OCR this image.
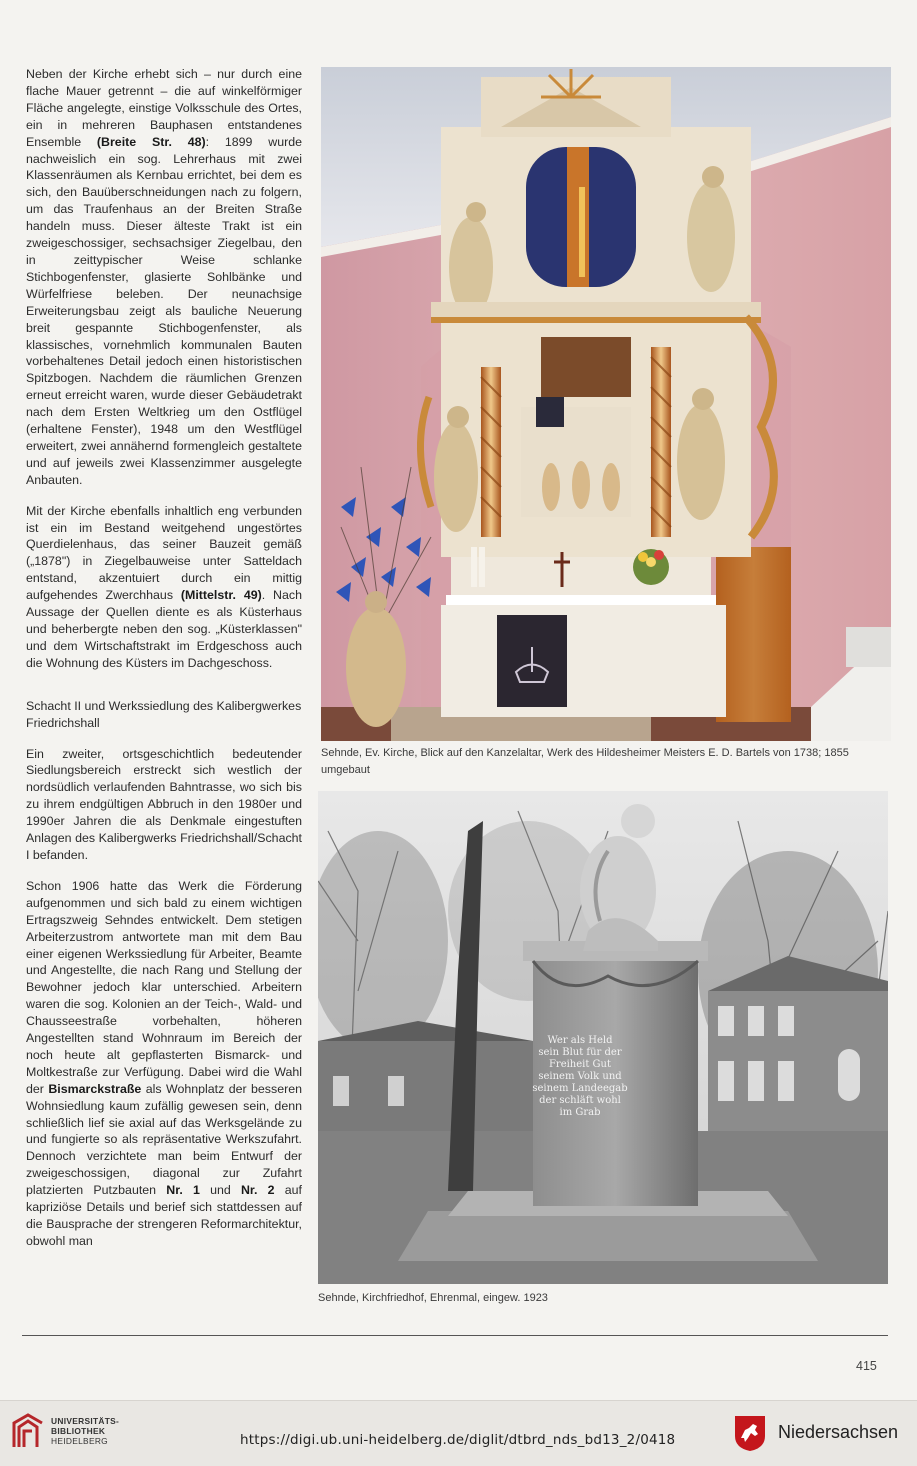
Neben der Kirche erhebt sich – nur durch eine flache Mauer getrennt – die auf winkelförmiger Fläche angelegte, einstige Volksschule des Ortes, ein in mehreren Bauphasen entstandenes Ensemble (Breite Str. 48): 1899 wurde nachweislich ein sog. Lehrerhaus mit zwei Klassenräumen als Kernbau errichtet, bei dem es sich, den Bauüberschneidungen nach zu folgern, um das Traufenhaus an der Breiten Straße handeln muss. Dieser älteste Trakt ist ein zweigeschossiger, sechsachsiger Ziegelbau, den in zeittypischer Weise schlanke Stichbogenfenster, glasierte Sohlbänke und Würfelfriese beleben. Der neunachsige Erweiterungsbau zeigt als bauliche Neuerung breit gespannte Stichbogenfenster, als klassisches, vornehmlich kommunalen Bauten vorbehaltenes Detail jedoch einen historistischen Spitzbogen. Nachdem die räumlichen Grenzen erneut erreicht waren, wurde dieser Gebäudetrakt nach dem Ersten Weltkrieg um den Ostflügel (erhaltene Fenster), 1948 um den Westflügel erweitert, zwei annähernd formengleich gestaltete und auf jeweils zwei Klassenzimmer ausgelegte Anbauten.

Mit der Kirche ebenfalls inhaltlich eng verbunden ist ein im Bestand weitgehend ungestörtes Querdielenhaus, das seiner Bauzeit gemäß („1878") in Ziegelbauweise unter Satteldach entstand, akzentuiert durch ein mittig aufgehendes Zwerchhaus (Mittelstr. 49). Nach Aussage der Quellen diente es als Küsterhaus und beherbergte neben den sog. „Küsterklassen" und dem Wirtschaftstrakt im Erdgeschoss auch die Wohnung des Küsters im Dachgeschoss.

Schacht II und Werkssiedlung des Kalibergwerkes Friedrichshall

Ein zweiter, ortsgeschichtlich bedeutender Siedlungsbereich erstreckt sich westlich der nordsüdlich verlaufenden Bahntrasse, wo sich bis zu ihrem endgültigen Abbruch in den 1980er und 1990er Jahren die als Denkmale eingestuften Anlagen des Kalibergwerks Friedrichshall/Schacht I befanden.

Schon 1906 hatte das Werk die Förderung aufgenommen und sich bald zu einem wichtigen Ertragszweig Sehndes entwickelt. Dem stetigen Arbeiterzustrom antwortete man mit dem Bau einer eigenen Werkssiedlung für Arbeiter, Beamte und Angestellte, die nach Rang und Stellung der Bewohner jedoch klar unterschied. Arbeitern waren die sog. Kolonien an der Teich-, Wald- und Chausseestraße vorbehalten, höheren Angestellten stand Wohnraum im Bereich der noch heute alt gepflasterten Bismarck- und Moltkestraße zur Verfügung. Dabei wird die Wahl der Bismarckstraße als Wohnplatz der besseren Wohnsiedlung kaum zufällig gewesen sein, denn schließlich lief sie axial auf das Werksgelände zu und fungierte so als repräsentative Werkszufahrt. Dennoch verzichtete man beim Entwurf der zweigeschossigen, diagonal zur Zufahrt platzierten Putzbauten Nr. 1 und Nr. 2 auf kapriziöse Details und berief sich stattdessen auf die Bausprache der strengeren Reformarchitektur, obwohl man

Sehnde, Ev. Kirche, Blick auf den Kanzelaltar, Werk des Hildesheimer Meisters E. D. Bartels von 1738; 1855 umgebaut

Wer als Held
sein Blut für der
Freiheit Gut
seinem Volk und
seinem Landeegab
der schläft wohl
im Grab

Sehnde, Kirchfriedhof, Ehrenmal, eingew. 1923

415
UNIVERSITÄTS-
BIBLIOTHEK
HEIDELBERG	https://digi.ub.uni-heidelberg.de/diglit/dtbrd_nds_bd13_2/0418	Niedersachsen
